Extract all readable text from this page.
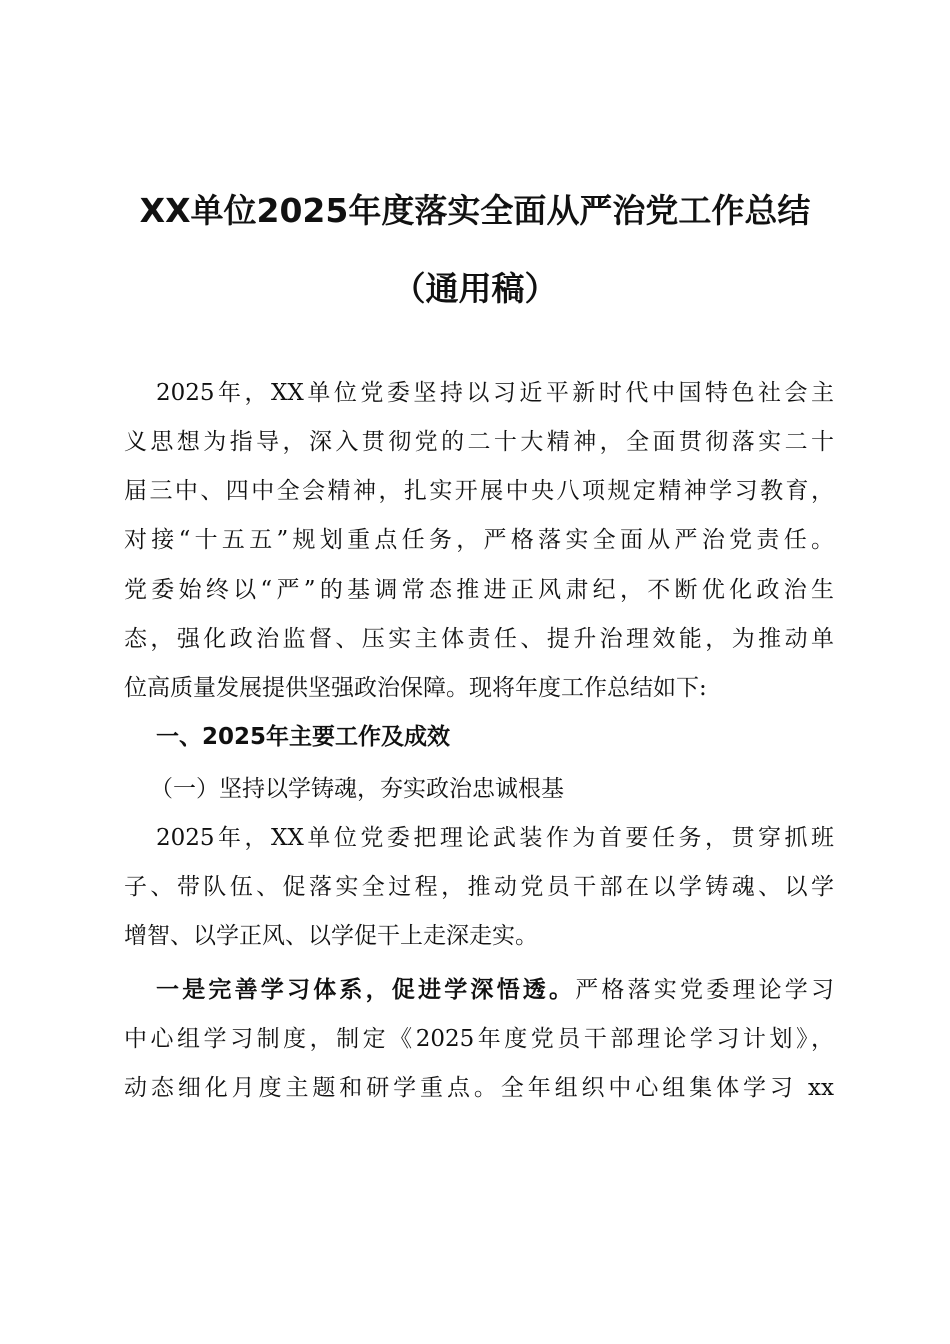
XX单位2025年度落实全面从严治党工作总结
（通用稿）
2025年，XX单位党委坚持以习近平新时代中国特色社会主
义思想为指导，深入贯彻党的二十大精神，全面贯彻落实二十
届三中、四中全会精神，扎实开展中央八项规定精神学习教育，
对接“十五五”规划重点任务，严格落实全面从严治党责任。
党委始终以“严”的基调常态推进正风肃纪，不断优化政治生
态，强化政治监督、压实主体责任、提升治理效能，为推动单
位高质量发展提供坚强政治保障。现将年度工作总结如下:
一、2025年主要工作及成效
（一）坚持以学铸魂，夯实政治忠诚根基
2025年，XX单位党委把理论武装作为首要任务，贯穿抓班
子、带队伍、促落实全过程，推动党员干部在以学铸魂、以学
增智、以学正风、以学促干上走深走实。
一是完善学习体系，促进学深悟透。严格落实党委理论学习
中心组学习制度，制定《2025年度党员干部理论学习计划》，
动态细化月度主题和研学重点。全年组织中心组集体学习 xx
